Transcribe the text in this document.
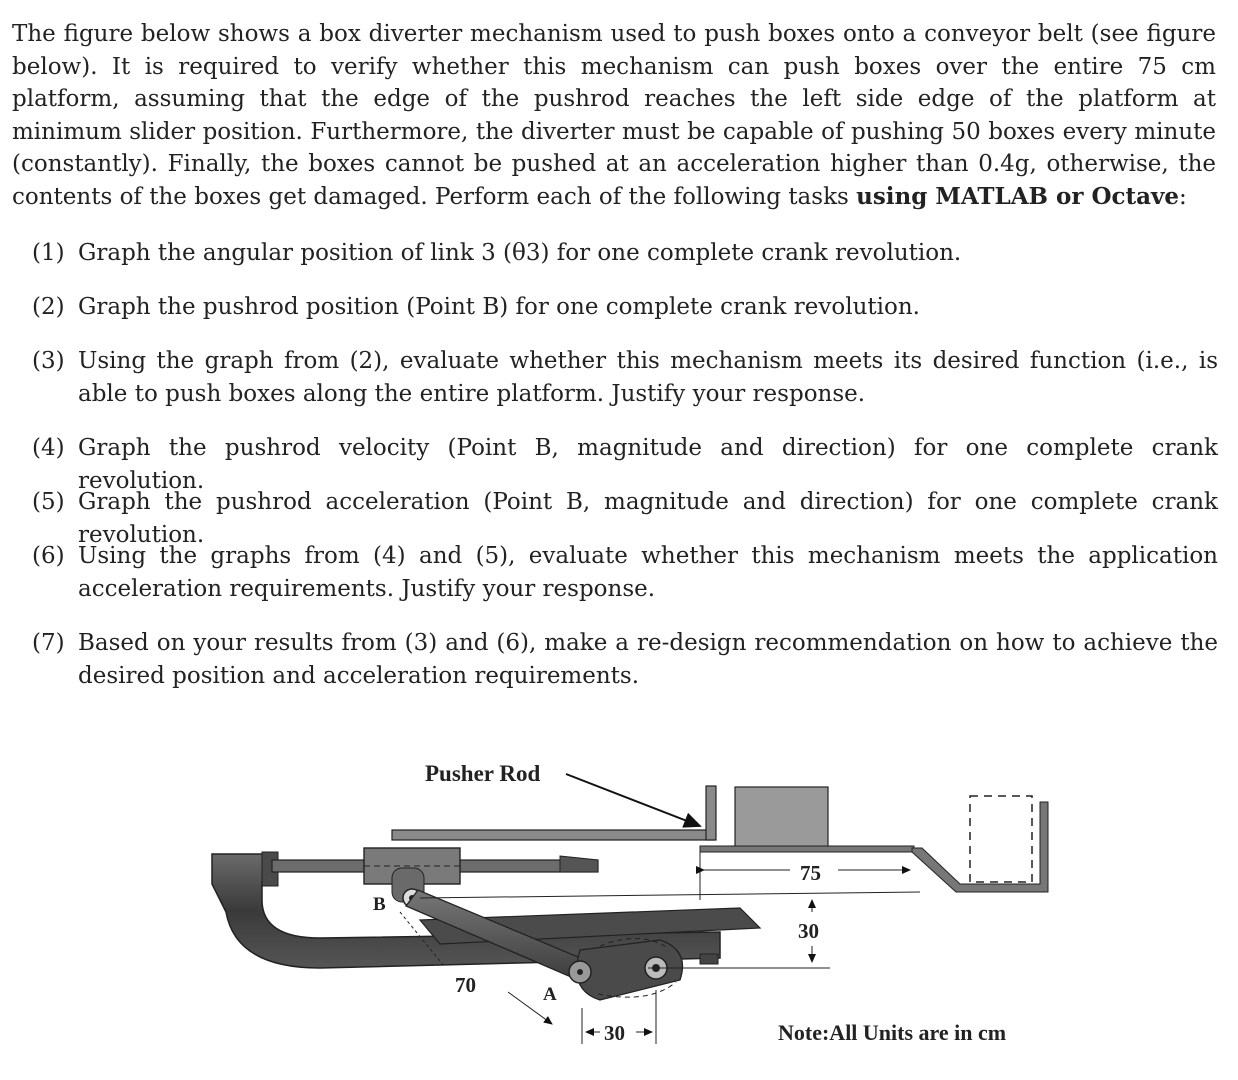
The figure below shows a box diverter mechanism used to push boxes onto a conveyor belt (see figure below). It is required to verify whether this mechanism can push boxes over the entire 75 cm platform, assuming that the edge of the pushrod reaches the left side edge of the platform at minimum slider position. Furthermore, the diverter must be capable of pushing 50 boxes every minute (constantly). Finally, the boxes cannot be pushed at an acceleration higher than 0.4g, otherwise, the contents of the boxes get damaged. Perform each of the following tasks using MATLAB or Octave:

(1) Graph the angular position of link 3 (θ3) for one complete crank revolution.
(2) Graph the pushrod position (Point B) for one complete crank revolution.
(3) Using the graph from (2), evaluate whether this mechanism meets its desired function (i.e., is able to push boxes along the entire platform. Justify your response.
(4) Graph the pushrod velocity (Point B, magnitude and direction) for one complete crank revolution.
(5) Graph the pushrod acceleration (Point B, magnitude and direction) for one complete crank revolution.
(6) Using the graphs from (4) and (5), evaluate whether this mechanism meets the application acceleration requirements. Justify your response.
(7) Based on your results from (3) and (6), make a re-design recommendation on how to achieve the desired position and acceleration requirements.
75
30
70
30
B
A
Pusher Rod
Note:All Units are in cm
